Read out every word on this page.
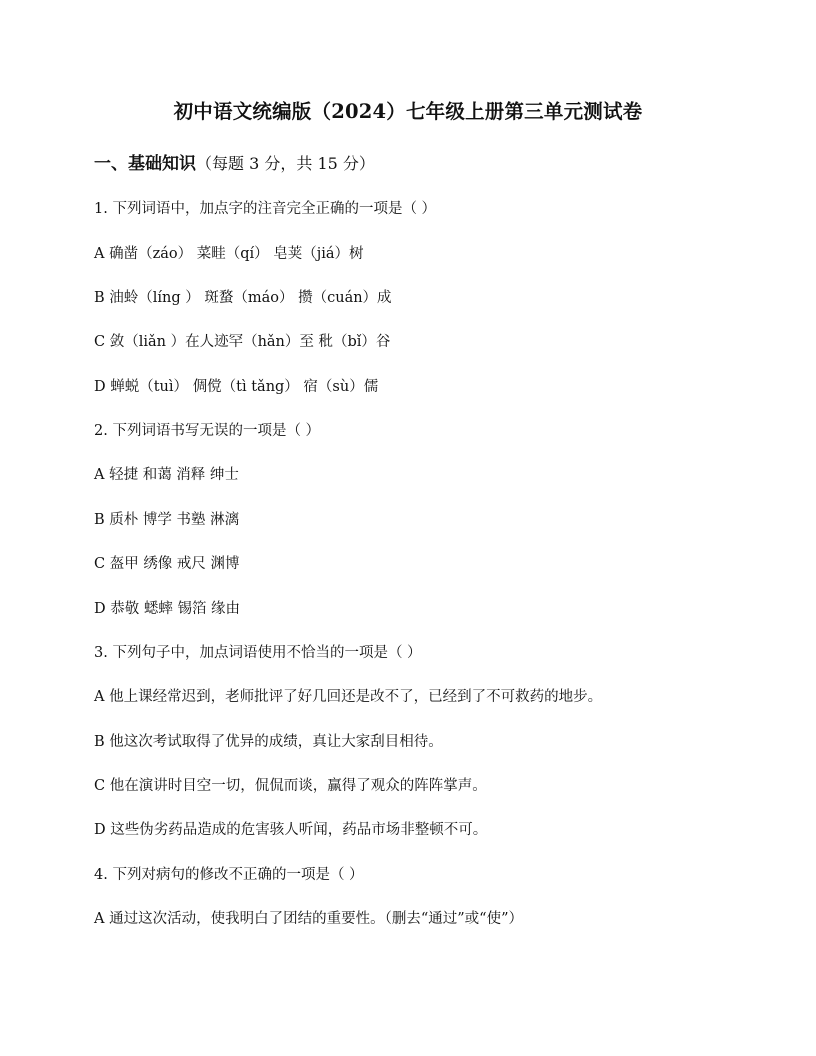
初中语文统编版（2024）七年级上册第三单元测试卷
一、基础知识（每题 3 分，共 15 分）
1. 下列词语中，加点字的注音完全正确的一项是（ ）
A 确凿（záo） 菜畦（qí） 皂荚（jiá）树
B 油蛉（líng ） 斑蝥（máo） 攒（cuán）成
C 敛（liǎn ）在人迹罕（hǎn）至 秕（bǐ）谷
D 蝉蜕（tuì） 倜傥（tì tǎng） 宿（sù）儒
2. 下列词语书写无误的一项是（ ）
A 轻捷 和蔼 消释 绅士
B 质朴 博学 书塾 淋漓
C 盔甲 绣像 戒尺 渊博
D 恭敬 蟋蟀 锡箔 缘由
3. 下列句子中，加点词语使用不恰当的一项是（ ）
A 他上课经常迟到，老师批评了好几回还是改不了，已经到了不可救药的地步。
B 他这次考试取得了优异的成绩，真让大家刮目相待。
C 他在演讲时目空一切，侃侃而谈，赢得了观众的阵阵掌声。
D 这些伪劣药品造成的危害骇人听闻，药品市场非整顿不可。
4. 下列对病句的修改不正确的一项是（ ）
A 通过这次活动，使我明白了团结的重要性。（删去“通过”或“使”）
